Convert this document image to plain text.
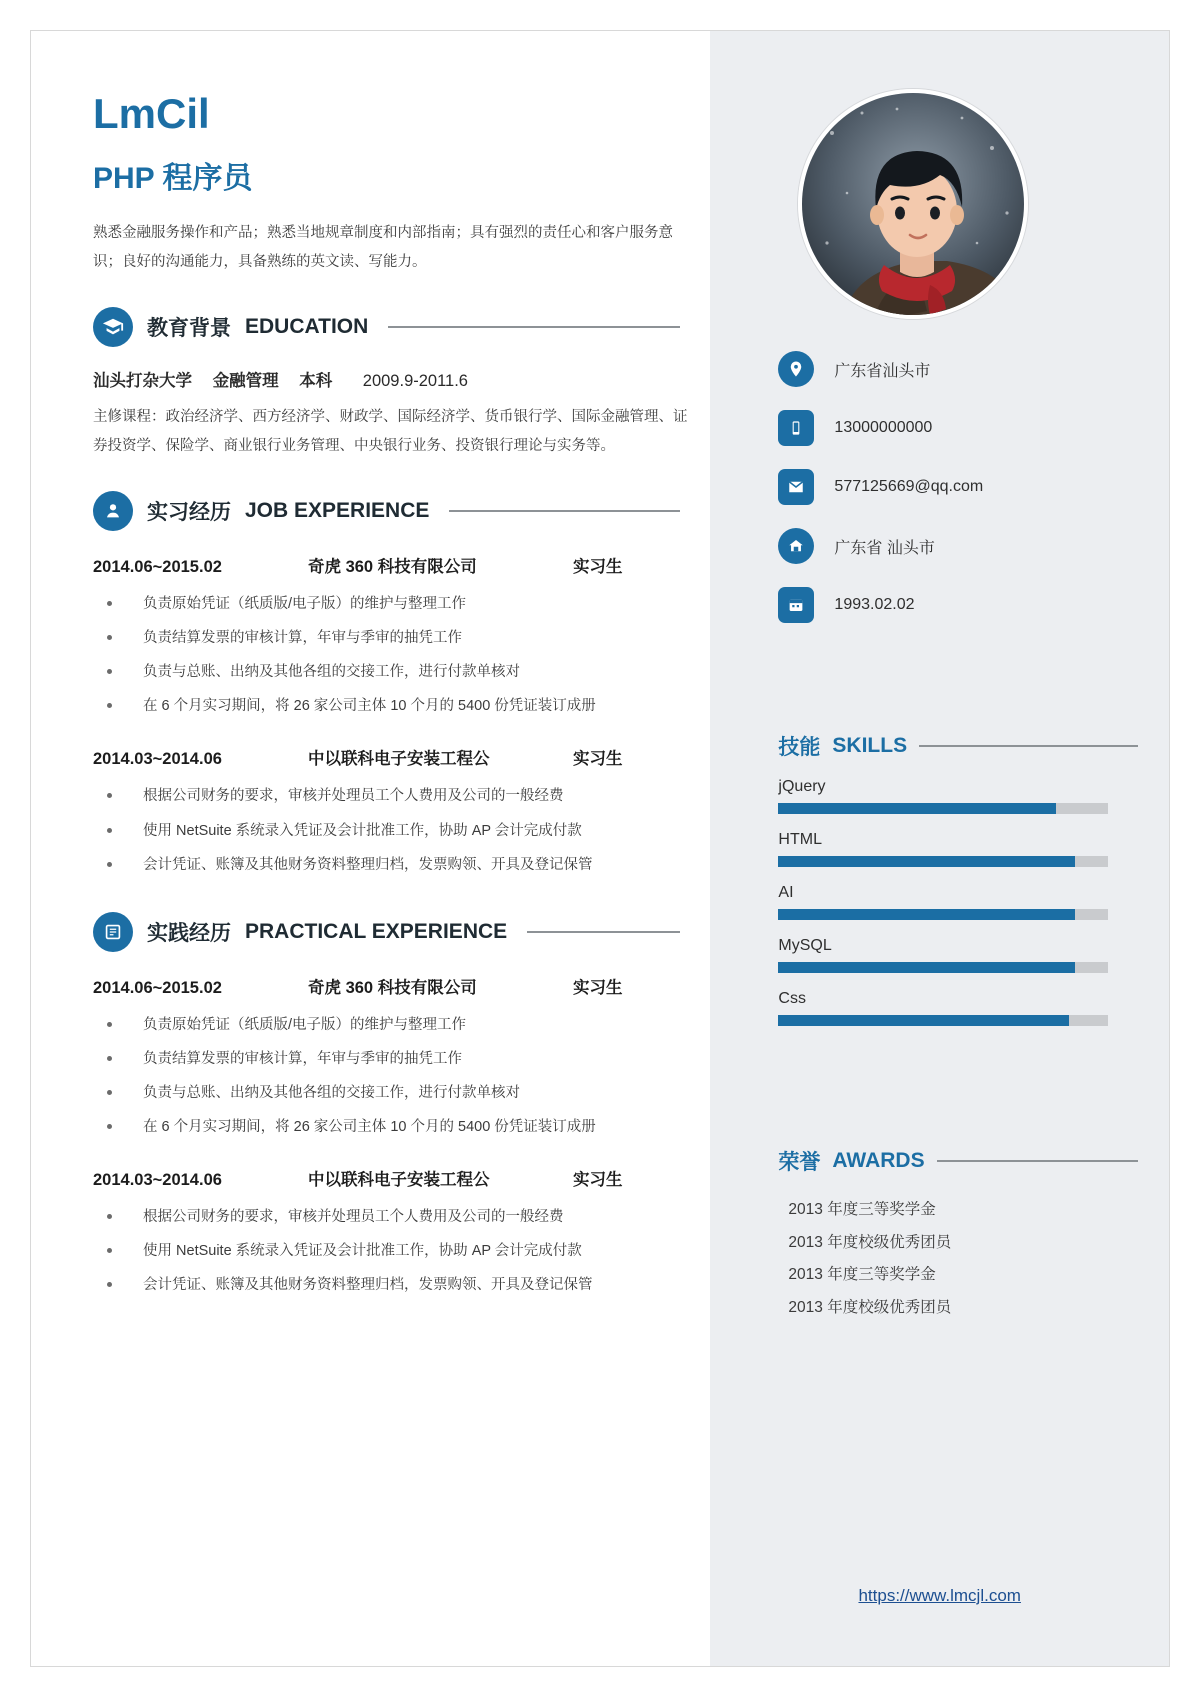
LmCil
PHP 程序员
熟悉金融服务操作和产品；熟悉当地规章制度和内部指南；具有强烈的责任心和客户服务意识；良好的沟通能力，具备熟练的英文读、写能力。
教育背景 EDUCATION
汕头打杂大学 金融管理 本科 2009.9-2011.6
主修课程：政治经济学、西方经济学、财政学、国际经济学、货币银行学、国际金融管理、证券投资学、保险学、商业银行业务管理、中央银行业务、投资银行理论与实务等。
实习经历 JOB EXPERIENCE
2014.06~2015.02	奇虎 360 科技有限公司	实习生
负责原始凭证（纸质版/电子版）的维护与整理工作
负责结算发票的审核计算，年审与季审的抽凭工作
负责与总账、出纳及其他各组的交接工作，进行付款单核对
在 6 个月实习期间，将 26 家公司主体 10 个月的 5400 份凭证装订成册
2014.03~2014.06	中以联科电子安装工程公	实习生
根据公司财务的要求，审核并处理员工个人费用及公司的一般经费
使用 NetSuite 系统录入凭证及会计批准工作，协助 AP 会计完成付款
会计凭证、账簿及其他财务资料整理归档，发票购领、开具及登记保管
实践经历 PRACTICAL EXPERIENCE
2014.06~2015.02	奇虎 360 科技有限公司	实习生
负责原始凭证（纸质版/电子版）的维护与整理工作
负责结算发票的审核计算，年审与季审的抽凭工作
负责与总账、出纳及其他各组的交接工作，进行付款单核对
在 6 个月实习期间，将 26 家公司主体 10 个月的 5400 份凭证装订成册
2014.03~2014.06	中以联科电子安装工程公	实习生
根据公司财务的要求，审核并处理员工个人费用及公司的一般经费
使用 NetSuite 系统录入凭证及会计批准工作，协助 AP 会计完成付款
会计凭证、账簿及其他财务资料整理归档，发票购领、开具及登记保管
广东省汕头市
13000000000
577125669@qq.com
广东省 汕头市
1993.02.02
技能 SKILLS
jQuery
HTML
AI
MySQL
Css
荣誉 AWARDS
2013 年度三等奖学金
2013 年度校级优秀团员
2013 年度三等奖学金
2013 年度校级优秀团员
https://www.lmcjl.com
